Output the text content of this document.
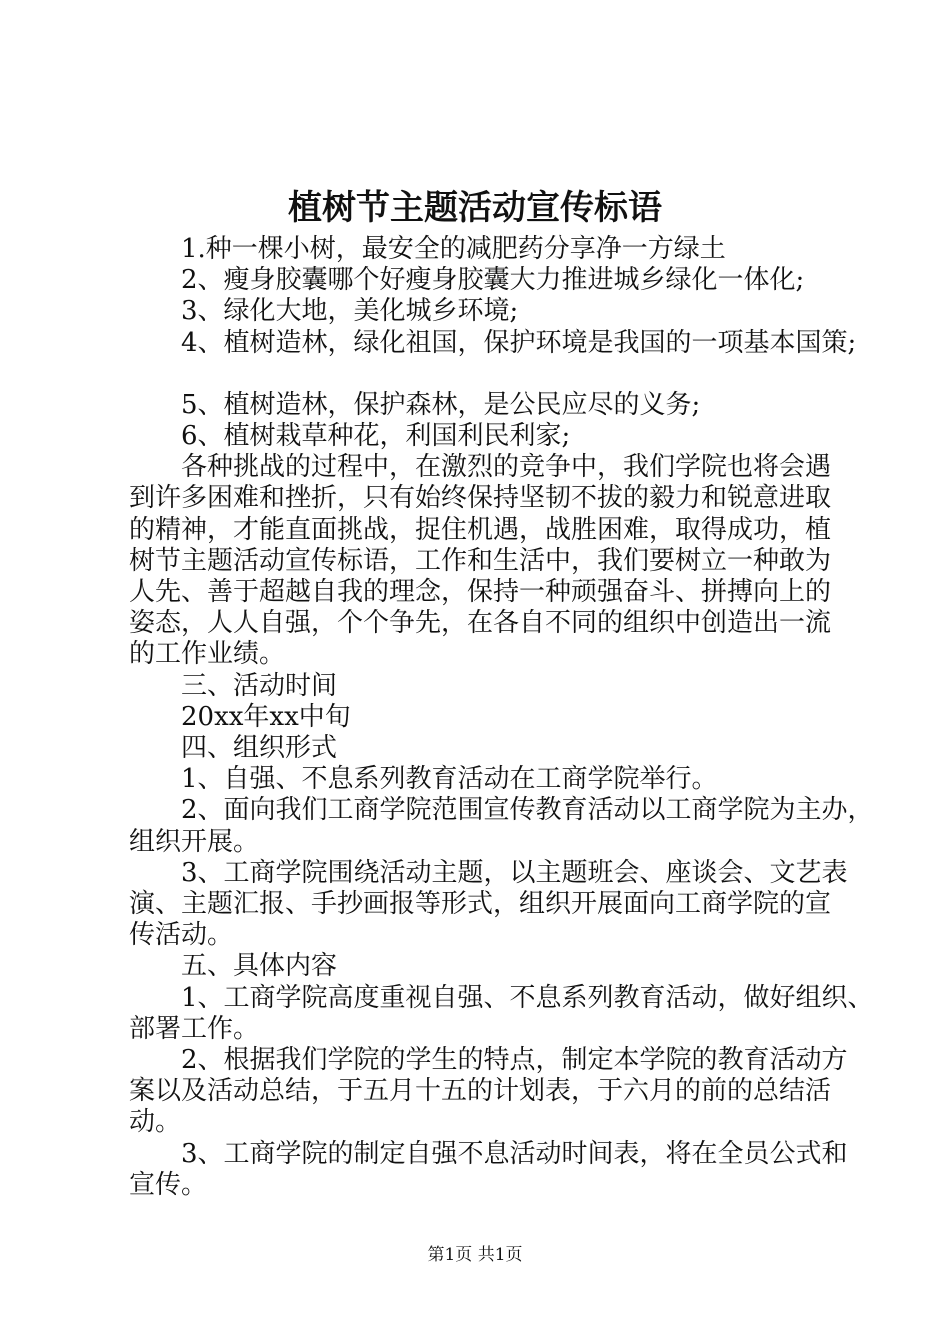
植树节主题活动宣传标语

1.种一棵小树，最安全的减肥药分享净一方绿土

2、瘦身胶囊哪个好瘦身胶囊大力推进城乡绿化一体化;

3、绿化大地，美化城乡环境;

4、植树造林，绿化祖国，保护环境是我国的一项基本国策;

5、植树造林，保护森林，是公民应尽的义务;

6、植树栽草种花，利国利民利家;

各种挑战的过程中，在激烈的竞争中，我们学院也将会遇

到许多困难和挫折，只有始终保持坚韧不拔的毅力和锐意进取

的精神，才能直面挑战，捉住机遇，战胜困难，取得成功，植

树节主题活动宣传标语，工作和生活中，我们要树立一种敢为

人先、善于超越自我的理念，保持一种顽强奋斗、拼搏向上的

姿态，人人自强，个个争先，在各自不同的组织中创造出一流

的工作业绩。

三、活动时间

20xx年xx中旬

四、组织形式

1、自强、不息系列教育活动在工商学院举行。

2、面向我们工商学院范围宣传教育活动以工商学院为主办，

组织开展。

3、工商学院围绕活动主题，以主题班会、座谈会、文艺表

演、主题汇报、手抄画报等形式，组织开展面向工商学院的宣

传活动。

五、具体内容

1、工商学院高度重视自强、不息系列教育活动，做好组织、

部署工作。

2、根据我们学院的学生的特点，制定本学院的教育活动方

案以及活动总结，于五月十五的计划表，于六月的前的总结活

动。

3、工商学院的制定自强不息活动时间表，将在全员公式和

宣传。

第1页 共1页
